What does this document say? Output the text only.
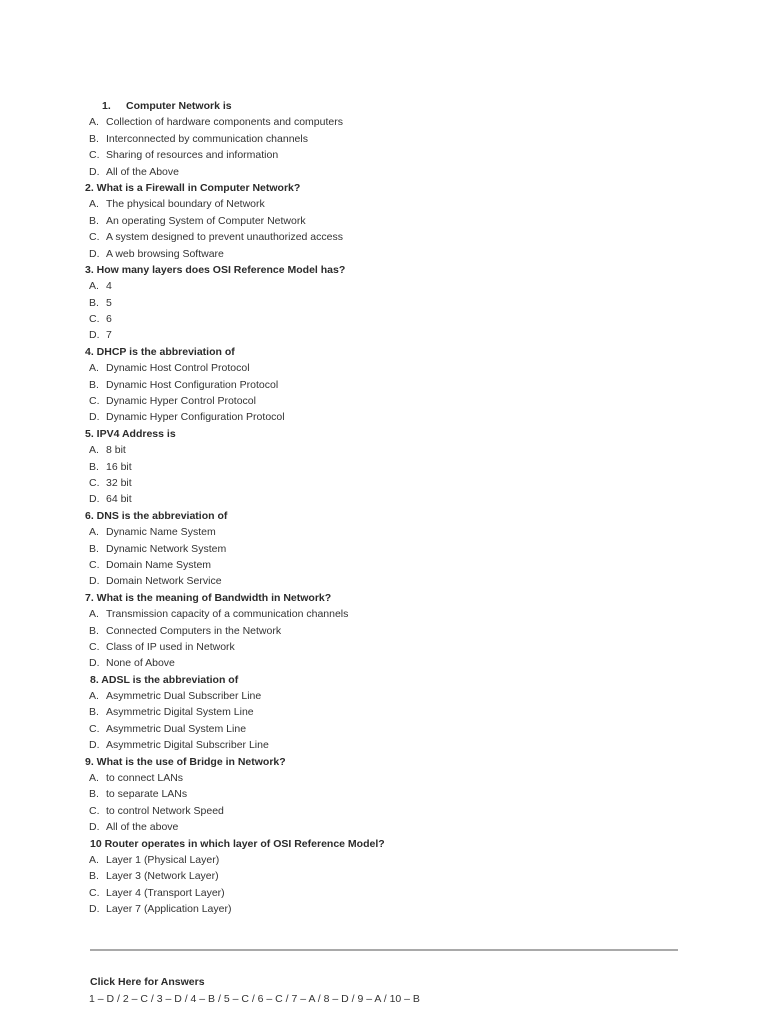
1. Computer Network is
A. Collection of hardware components and computers
B. Interconnected by communication channels
C. Sharing of resources and information
D. All of the Above
2. What is a Firewall in Computer Network?
A. The physical boundary of Network
B. An operating System of Computer Network
C. A system designed to prevent unauthorized access
D. A web browsing Software
3. How many layers does OSI Reference Model has?
A. 4
B. 5
C. 6
D. 7
4. DHCP is the abbreviation of
A. Dynamic Host Control Protocol
B. Dynamic Host Configuration Protocol
C. Dynamic Hyper Control Protocol
D. Dynamic Hyper Configuration Protocol
5. IPV4 Address is
A. 8 bit
B. 16 bit
C. 32 bit
D. 64 bit
6. DNS is the abbreviation of
A. Dynamic Name System
B. Dynamic Network System
C. Domain Name System
D. Domain Network Service
7. What is the meaning of Bandwidth in Network?
A. Transmission capacity of a communication channels
B. Connected Computers in the Network
C. Class of IP used in Network
D. None of Above
8. ADSL is the abbreviation of
A. Asymmetric Dual Subscriber Line
B. Asymmetric Digital System Line
C. Asymmetric Dual System Line
D. Asymmetric Digital Subscriber Line
9. What is the use of Bridge in Network?
A. to connect LANs
B. to separate LANs
C. to control Network Speed
D. All of the above
10 Router operates in which layer of OSI Reference Model?
A. Layer 1 (Physical Layer)
B. Layer 3 (Network Layer)
C. Layer 4 (Transport Layer)
D. Layer 7 (Application Layer)
Click Here for Answers
1 – D / 2 – C / 3 – D / 4 – B / 5 – C / 6 – C / 7 – A / 8 – D / 9 – A / 10 – B
